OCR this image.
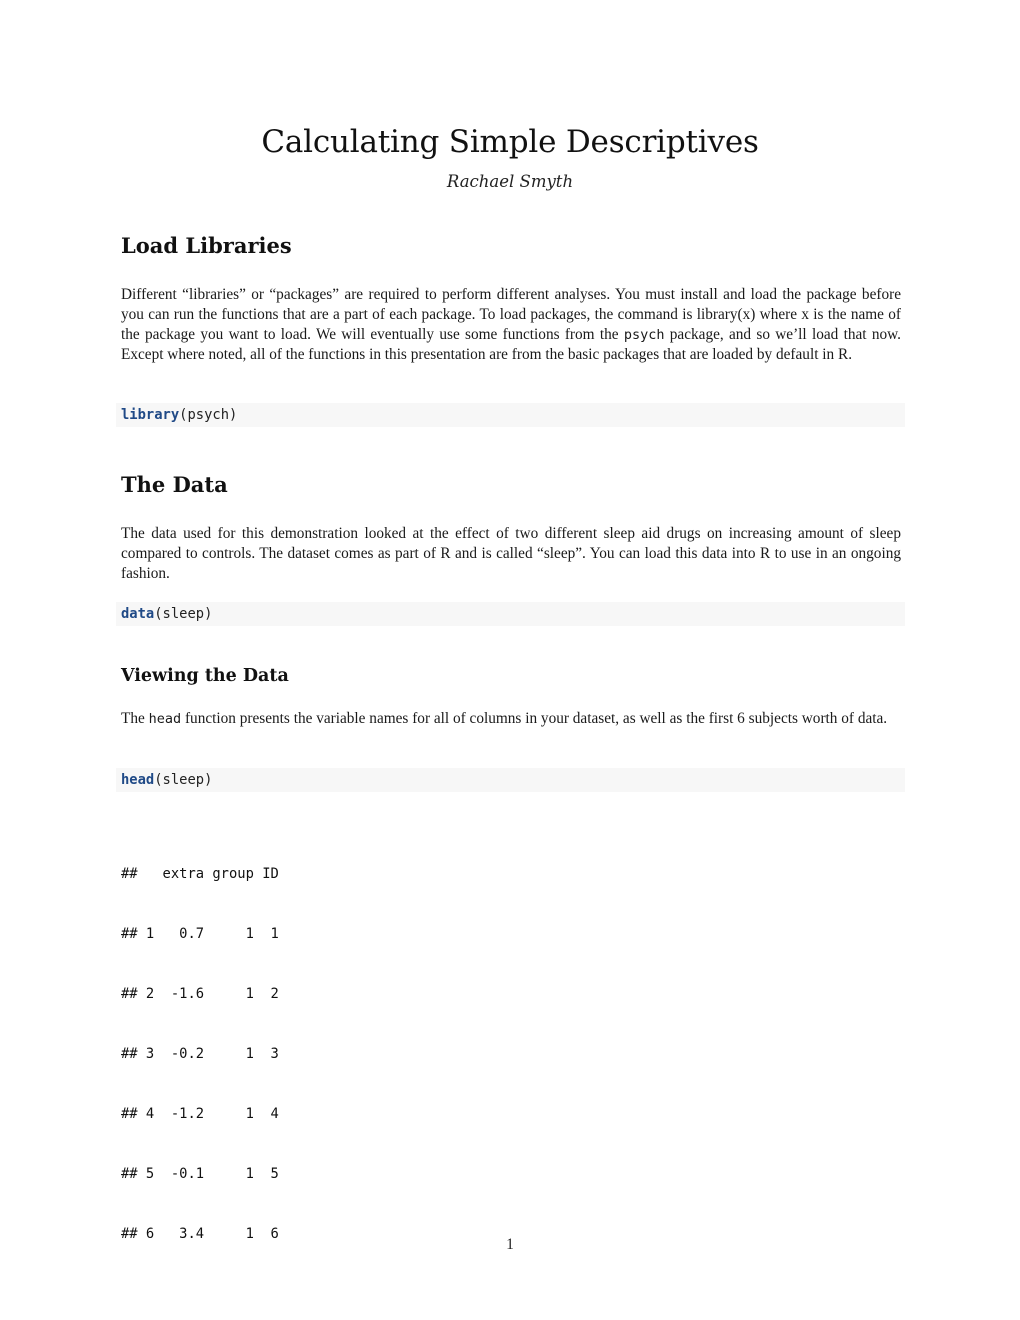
Calculating Simple Descriptives
Rachael Smyth
Load Libraries

Different “libraries” or “packages” are required to perform different analyses. You must install and load the package before you can run the functions that are a part of each package. To load packages, the command is library(x) where x is the name of the package you want to load. We will eventually use some functions from the psych package, and so we’ll load that now. Except where noted, all of the functions in this presentation are from the basic packages that are loaded by default in R.

library(psych)
The Data

The data used for this demonstration looked at the effect of two different sleep aid drugs on increasing amount of sleep compared to controls. The dataset comes as part of R and is called “sleep”. You can load this data into R to use in an ongoing fashion.

data(sleep)
Viewing the Data

The head function presents the variable names for all of columns in your dataset, as well as the first 6 subjects worth of data.

head(sleep)

##   extra group ID

## 1   0.7     1  1

## 2  -1.6     1  2

## 3  -0.2     1  3

## 4  -1.2     1  4

## 5  -0.1     1  5

## 6   3.4     1  6

1
